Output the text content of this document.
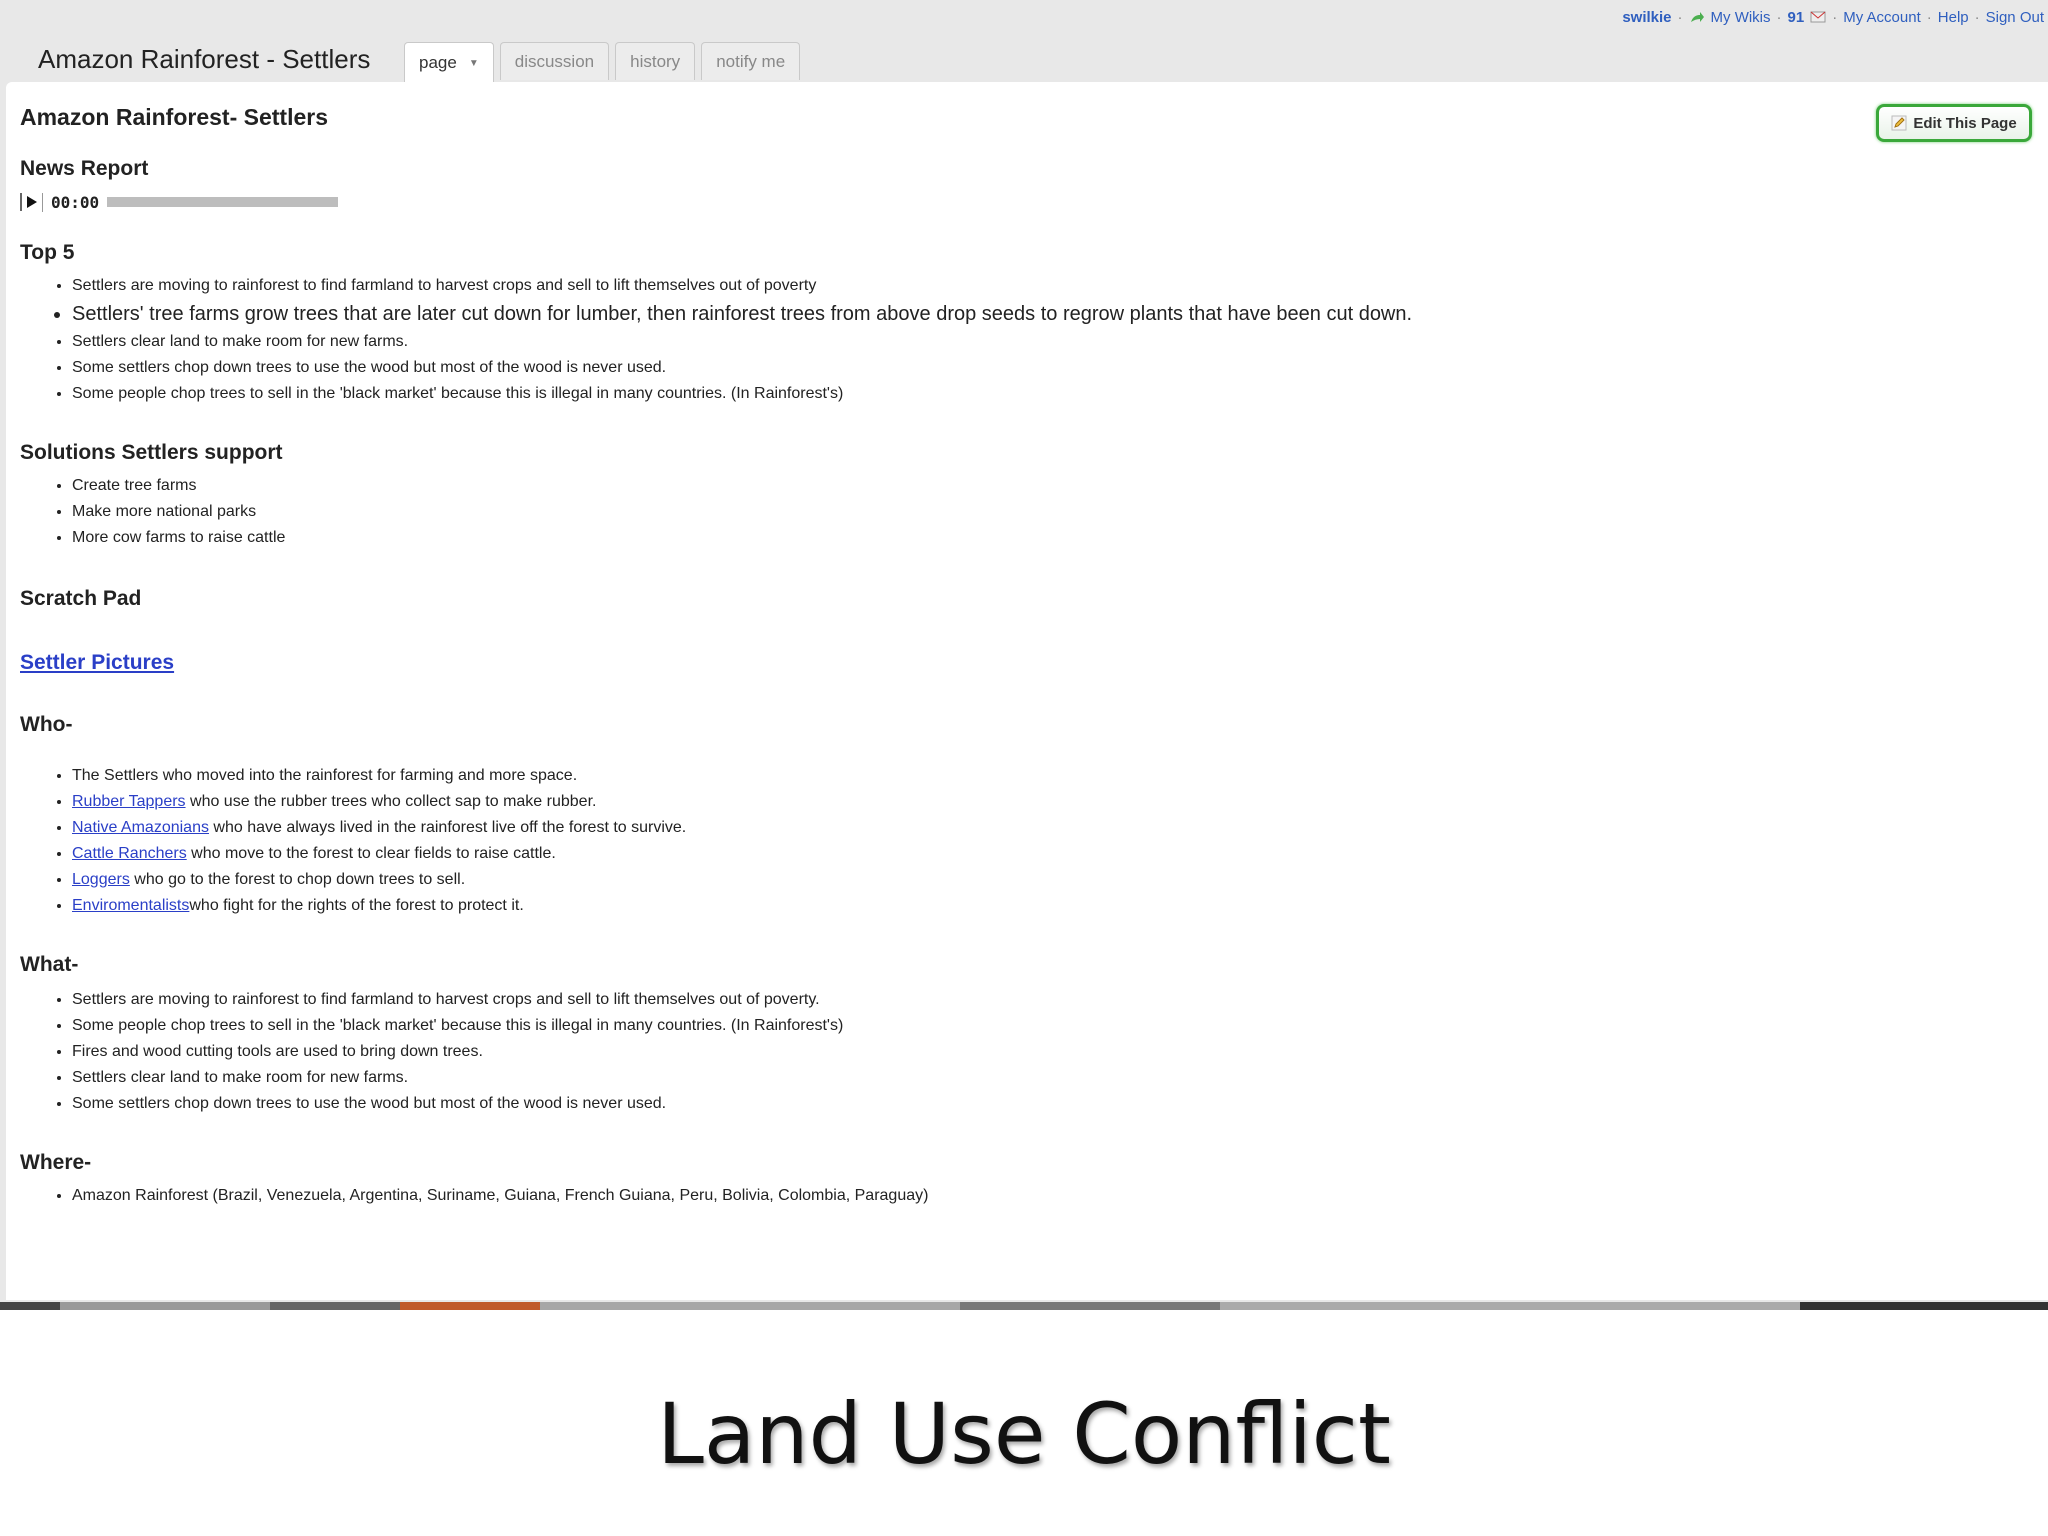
swilkie · My Wikis · 91 · My Account · Help · Sign Out
Amazon Rainforest - Settlers	page ▼	discussion	history	notify me
Edit This Page
Amazon Rainforest- Settlers
News Report
00:00
Top 5
• Settlers are moving to rainforest to find farmland to harvest crops and sell to lift themselves out of poverty
• Settlers' tree farms grow trees that are later cut down for lumber, then rainforest trees from above drop seeds to regrow plants that have been cut down.
• Settlers clear land to make room for new farms.
• Some settlers chop down trees to use the wood but most of the wood is never used.
• Some people chop trees to sell in the 'black market' because this is illegal in many countries. (In Rainforest's)
Solutions Settlers support
• Create tree farms
• Make more national parks
• More cow farms to raise cattle
Scratch Pad
Settler Pictures
Who-
• The Settlers who moved into the rainforest for farming and more space.
• Rubber Tappers who use the rubber trees who collect sap to make rubber.
• Native Amazonians who have always lived in the rainforest live off the forest to survive.
• Cattle Ranchers who move to the forest to clear fields to raise cattle.
• Loggers who go to the forest to chop down trees to sell.
• Enviromentalistswho fight for the rights of the forest to protect it.
What-
• Settlers are moving to rainforest to find farmland to harvest crops and sell to lift themselves out of poverty.
• Some people chop trees to sell in the 'black market' because this is illegal in many countries. (In Rainforest's)
• Fires and wood cutting tools are used to bring down trees.
• Settlers clear land to make room for new farms.
• Some settlers chop down trees to use the wood but most of the wood is never used.
Where-
• Amazon Rainforest (Brazil, Venezuela, Argentina, Suriname, Guiana, French Guiana, Peru, Bolivia, Colombia, Paraguay)
Land Use Conflict
